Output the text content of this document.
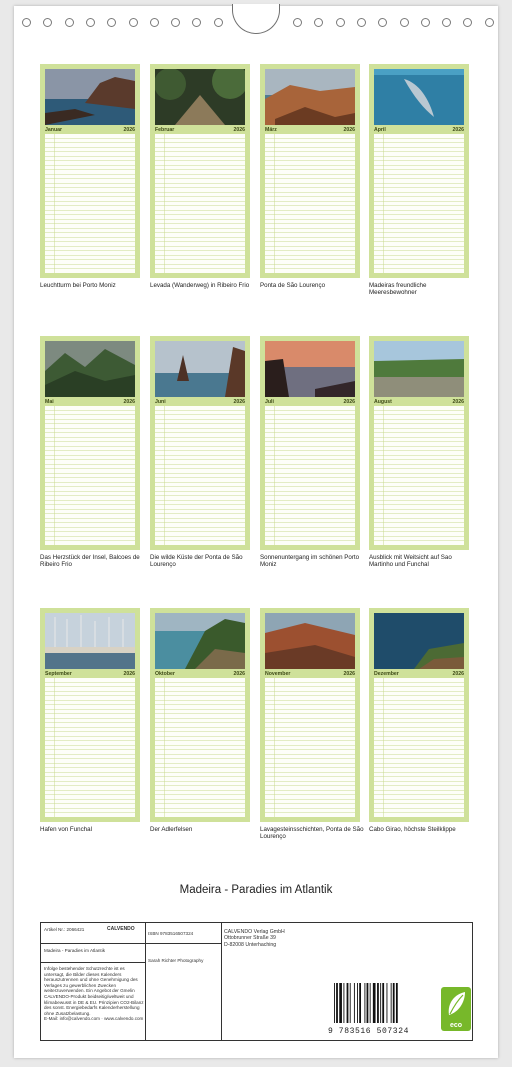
Januar	2026
Leuchtturm bei Porto Moniz
Februar	2026
Levada (Wanderweg) in Ribeiro Frio
März	2026
Ponta de São Lourenço
April	2026
Madeiras freundliche Meeresbewohner
Mai	2026
Das Herzstück der Insel, Balcoes de Ribeiro Frio
Juni	2026
Die wilde Küste der Ponta de São Lourenço
Juli	2026
Sonnenuntergang im schönen Porto Moniz
August	2026
Ausblick mit Weitsicht auf Sao Martinho und Funchal
September	2026
Hafen von Funchal
Oktober	2026
Der Adlerfelsen
November	2026
Lavagesteinsschichten, Ponta de São Lourenço
Dezember	2026
Cabo Girao, höchste Steilklippe
Madeira - Paradies im Atlantik
Artikel Nr.: 2066421	CALVENDO
Madeira - Paradies im Atlantik
Infolge bestehender Schutzrechte ist es
untersagt, die Bilder dieses Kalenders
herauszutrennen und ohne Genehmigung des
Verlages zu gewerblichen Zwecken
weiterzuverwenden. Ein Angebot der Gmelin
CALVENDO-Produkt beidseitig/weltweit und
klimabewusst in DE & EU. Prinzipien CO2-Bilanz
des sonst. Energiebedarfs Kalenderherstellung
ohne Zusatzbelastung.
E-Mail: info@calvendo.com · www.calvendo.com
ISBN 9783516507324
Sarah Richter Photography
CALVENDO Verlag GmbH
Ottobrunner Straße 39
D-82008 Unterhaching
9 783516 507324
eco
